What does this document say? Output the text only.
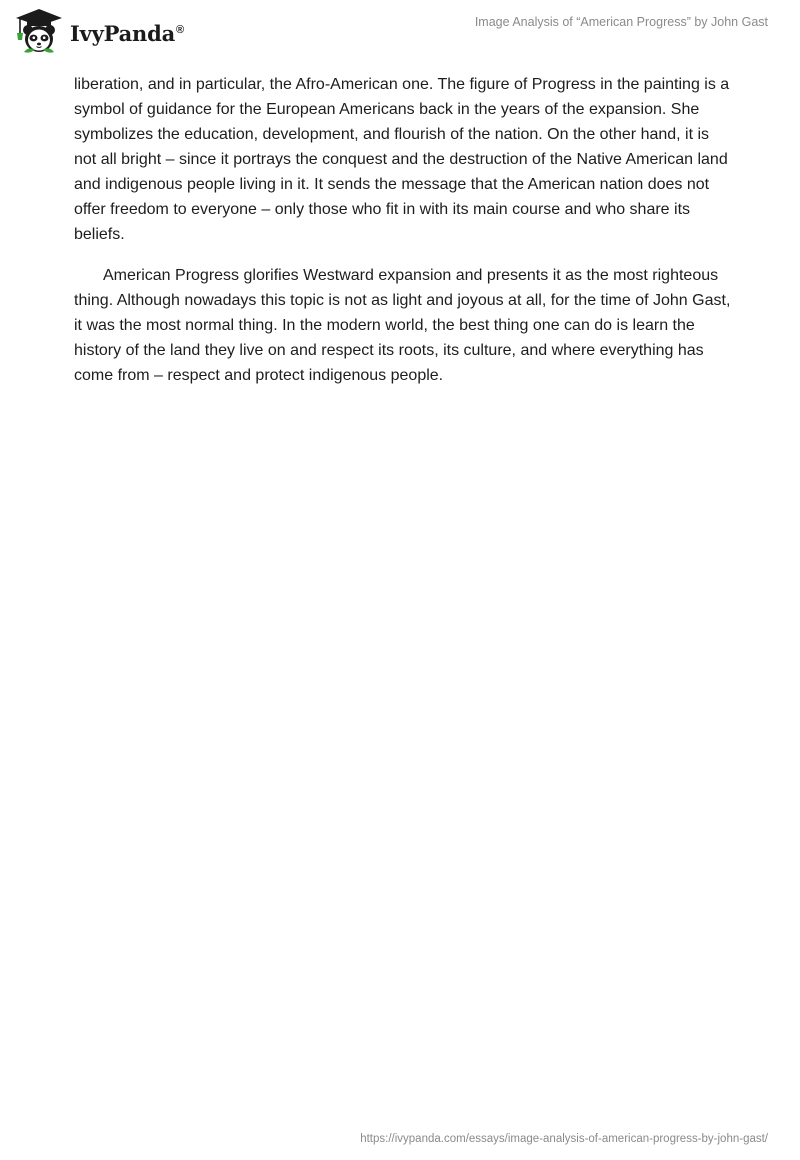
IvyPanda®
Image Analysis of “American Progress” by John Gast

liberation, and in particular, the Afro-American one. The figure of Progress in the painting is a symbol of guidance for the European Americans back in the years of the expansion. She symbolizes the education, development, and flourish of the nation. On the other hand, it is not all bright – since it portrays the conquest and the destruction of the Native American land and indigenous people living in it. It sends the message that the American nation does not offer freedom to everyone – only those who fit in with its main course and who share its beliefs.

American Progress glorifies Westward expansion and presents it as the most righteous thing. Although nowadays this topic is not as light and joyous at all, for the time of John Gast, it was the most normal thing. In the modern world, the best thing one can do is learn the history of the land they live on and respect its roots, its culture, and where everything has come from – respect and protect indigenous people.

https://ivypanda.com/essays/image-analysis-of-american-progress-by-john-gast/
